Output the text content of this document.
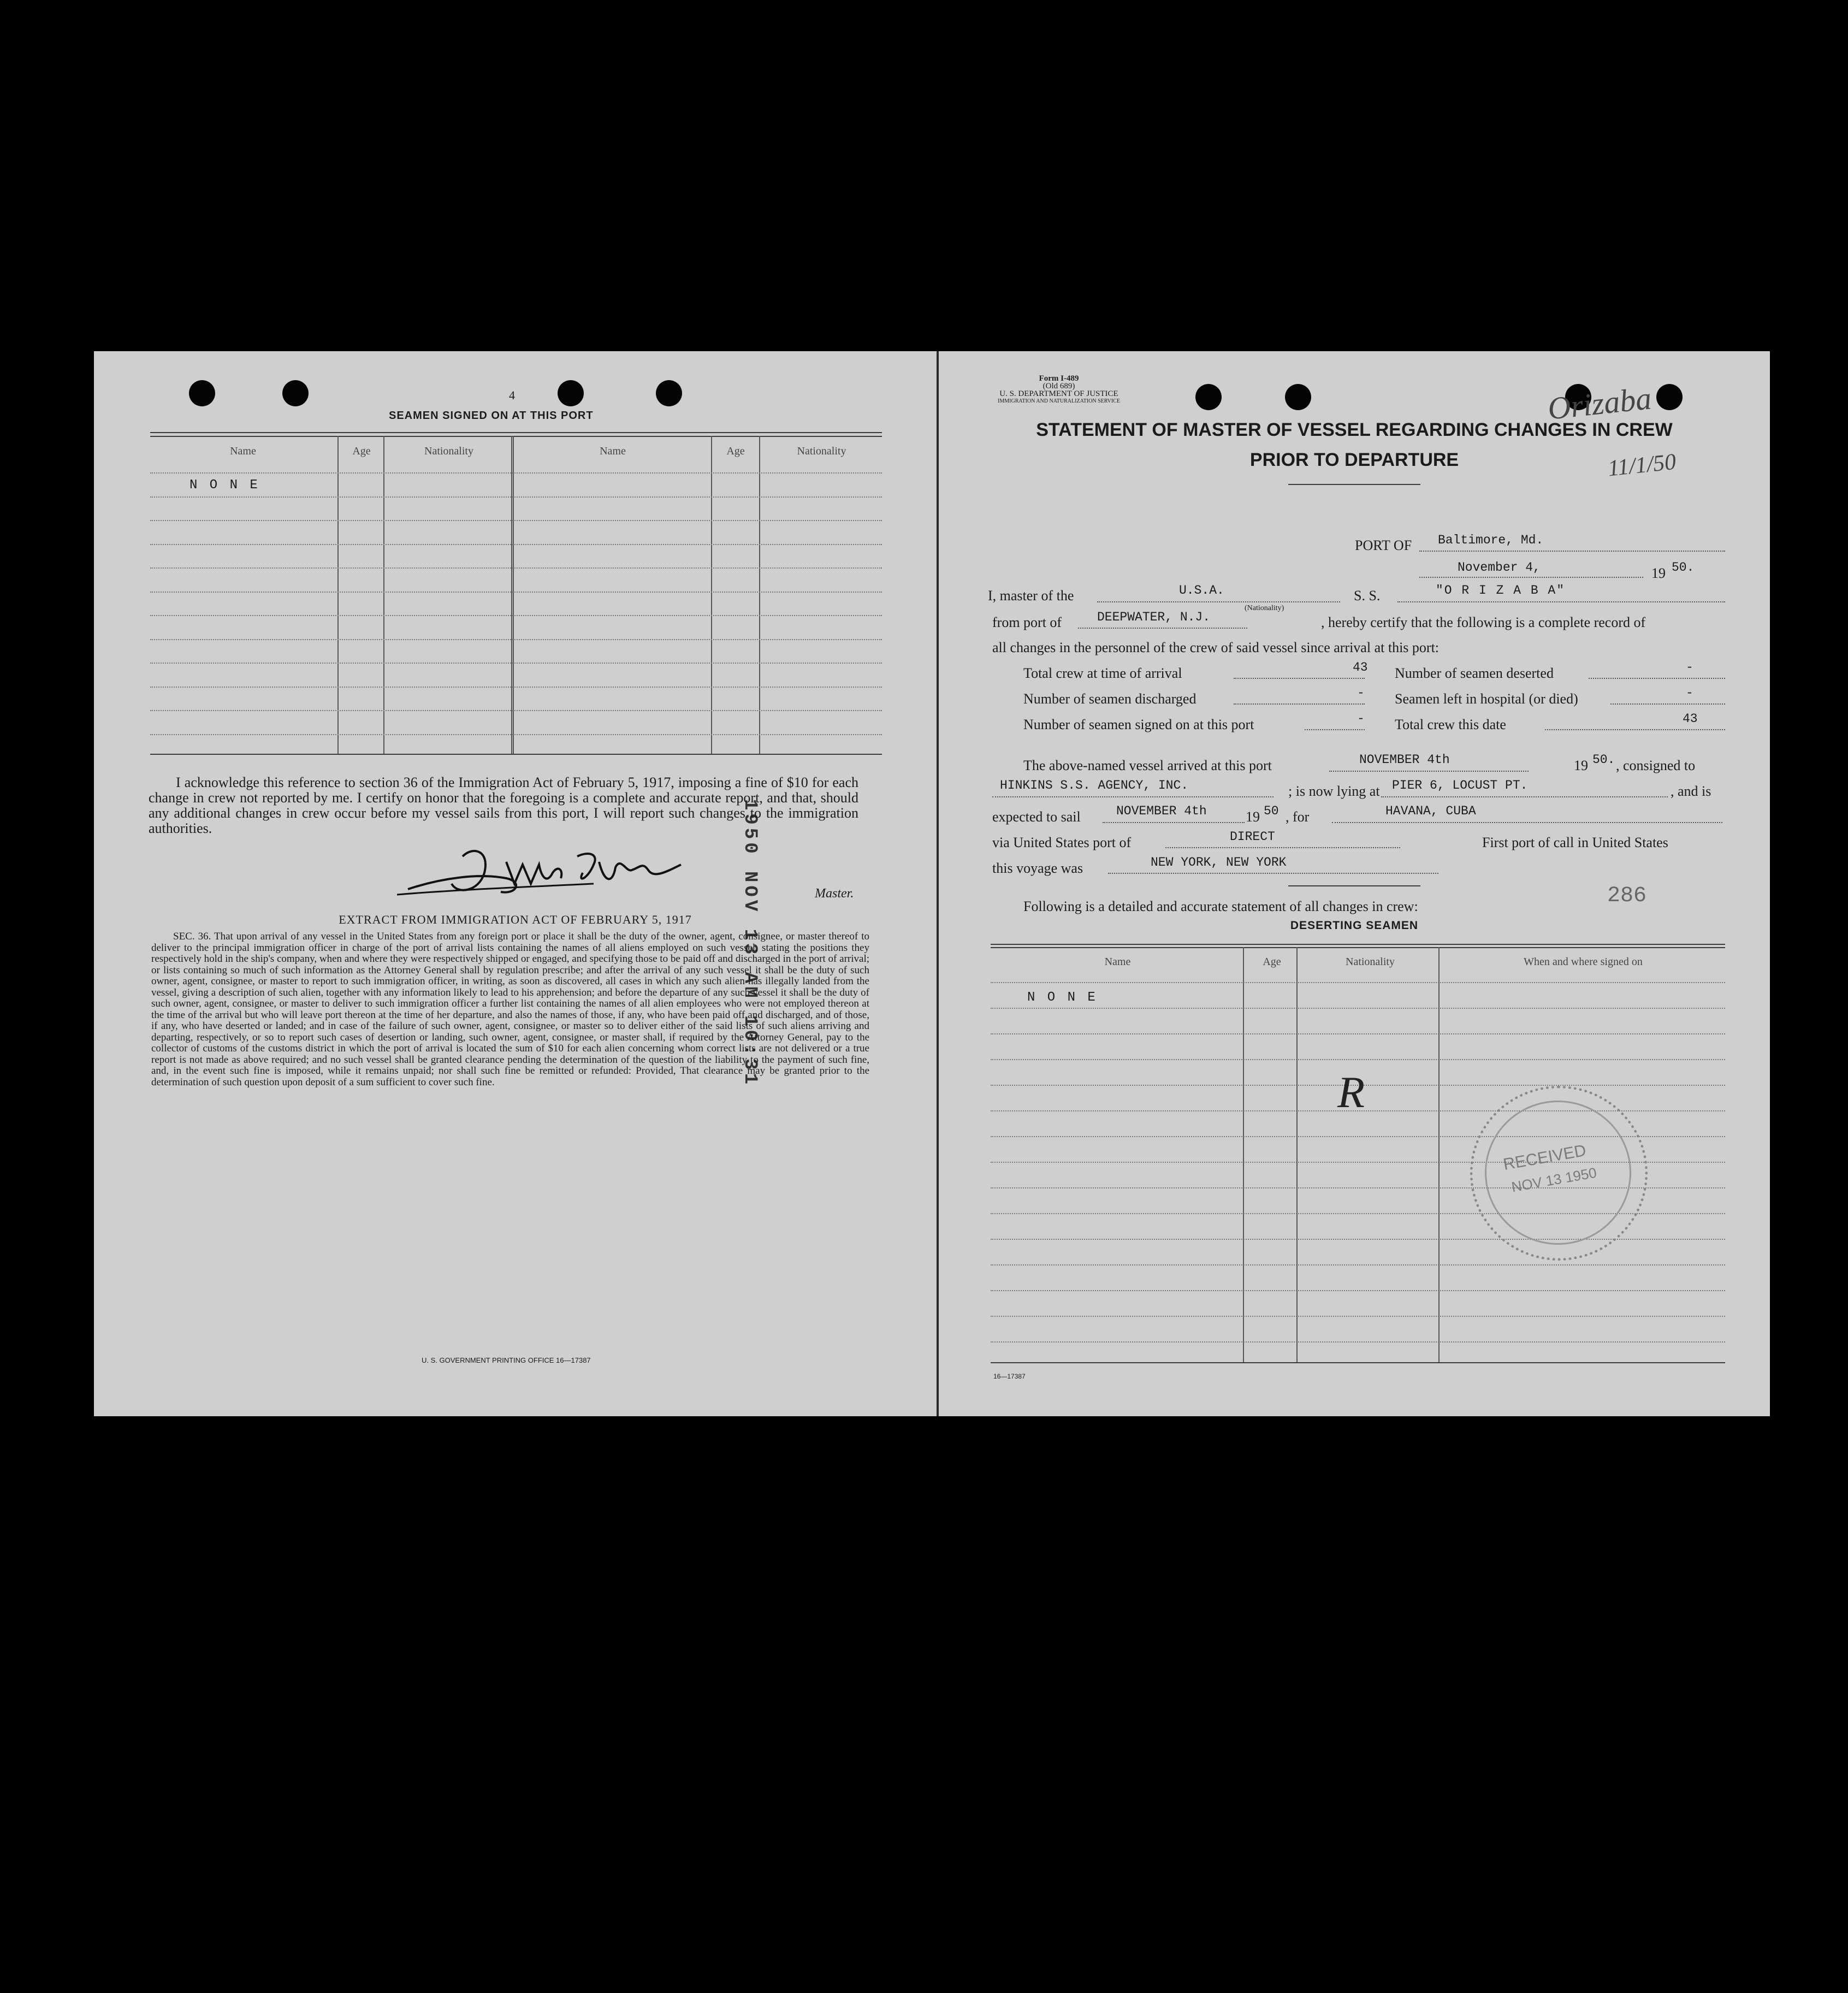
4
SEAMEN SIGNED ON AT THIS PORT
Name	Age	Nationality	Name	Age	Nationality
N O N E
1950 NOV 13 AM 10:31
I acknowledge this reference to section 36 of the Immigration Act of February 5, 1917, imposing a fine of $10 for each change in crew not reported by me. I certify on honor that the foregoing is a complete and accurate report, and that, should any additional changes in crew occur before my vessel sails from this port, I will report such changes to the immigration authorities.
Master.
EXTRACT FROM IMMIGRATION ACT OF FEBRUARY 5, 1917
SEC. 36. That upon arrival of any vessel in the United States from any foreign port or place it shall be the duty of the owner, agent, consignee, or master thereof to deliver to the principal immigration officer in charge of the port of arrival lists containing the names of all aliens employed on such vessel, stating the positions they respectively hold in the ship's company, when and where they were respectively shipped or engaged, and specifying those to be paid off and discharged in the port of arrival; or lists containing so much of such information as the Attorney General shall by regulation prescribe; and after the arrival of any such vessel it shall be the duty of such owner, agent, consignee, or master to report to such immigration officer, in writing, as soon as discovered, all cases in which any such alien has illegally landed from the vessel, giving a description of such alien, together with any information likely to lead to his apprehension; and before the departure of any such vessel it shall be the duty of such owner, agent, consignee, or master to deliver to such immigration officer a further list containing the names of all alien employees who were not employed thereon at the time of the arrival but who will leave port thereon at the time of her departure, and also the names of those, if any, who have been paid off and discharged, and of those, if any, who have deserted or landed; and in case of the failure of such owner, agent, consignee, or master so to deliver either of the said lists of such aliens arriving and departing, respectively, or so to report such cases of desertion or landing, such owner, agent, consignee, or master shall, if required by the Attorney General, pay to the collector of customs of the customs district in which the port of arrival is located the sum of $10 for each alien concerning whom correct lists are not delivered or a true report is not made as above required; and no such vessel shall be granted clearance pending the determination of the question of the liability to the payment of such fine, and, in the event such fine is imposed, while it remains unpaid; nor shall such fine be remitted or refunded: Provided, That clearance may be granted prior to the determination of such question upon deposit of a sum sufficient to cover such fine.
U. S. GOVERNMENT PRINTING OFFICE 16—17387
Form I-489
(Old 689)
U. S. DEPARTMENT OF JUSTICE
IMMIGRATION AND NATURALIZATION SERVICE
STATEMENT OF MASTER OF VESSEL REGARDING CHANGES IN CREW
PRIOR TO DEPARTURE
Orizaba
11/1/50
PORT OF Baltimore, Md.
November 4,	19 50.
I, master of the	U.S.A.
(Nationality)
S. S.	"O R I Z A B A"
from port of	DEEPWATER, N.J.	, hereby certify that the following is a complete record of
all changes in the personnel of the crew of said vessel since arrival at this port:
Total crew at time of arrival	43 Number of seamen deserted	-
Number of seamen discharged	- Seamen left in hospital (or died)	-
Number of seamen signed on at this port	- Total crew this date	43
The above-named vessel arrived at this port	NOVEMBER 4th	19 50. , consigned to
HINKINS S.S. AGENCY, INC.	; is now lying at PIER 6, LOCUST PT.	, and is
expected to sail	NOVEMBER 4th	19 50 , for	HAVANA, CUBA
via United States port of	DIRECT	First port of call in United States
this voyage was	NEW YORK, NEW YORK
Following is a detailed and accurate statement of all changes in crew:	286
DESERTING SEAMEN
Name	Age	Nationality	When and where signed on
N O N E
R
RECEIVED
NOV 13 1950
16—17387
